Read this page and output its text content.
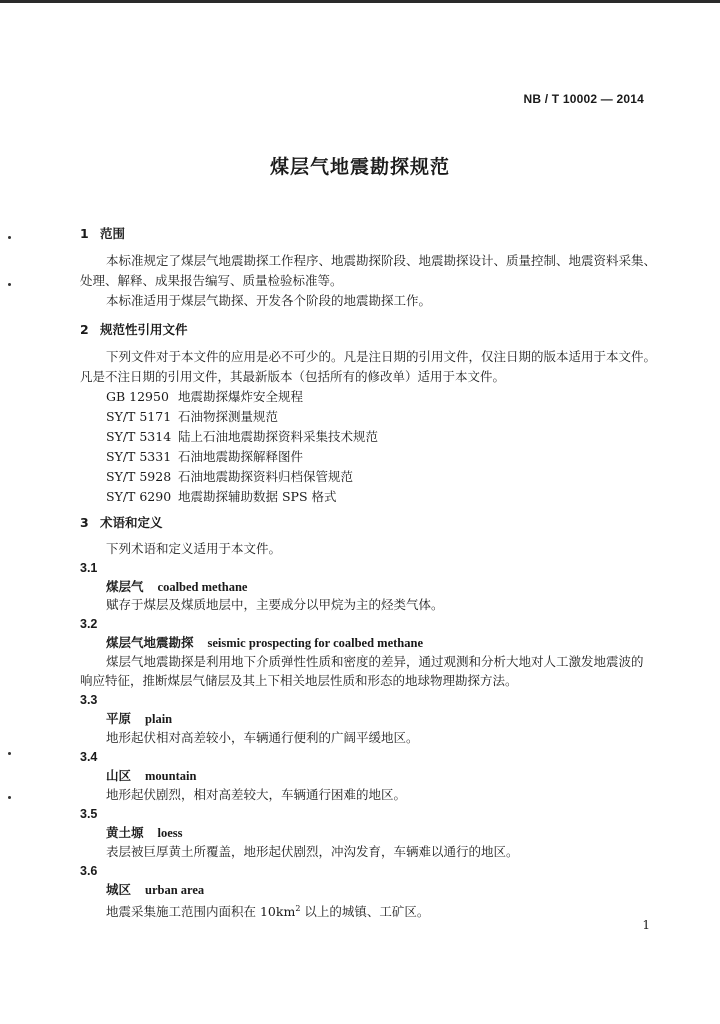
NB / T 10002 — 2014
煤层气地震勘探规范
1 范围
本标准规定了煤层气地震勘探工作程序、地震勘探阶段、地震勘探设计、质量控制、地震资料采集、
处理、解释、成果报告编写、质量检验标准等。
本标准适用于煤层气勘探、开发各个阶段的地震勘探工作。
2 规范性引用文件
下列文件对于本文件的应用是必不可少的。凡是注日期的引用文件，仅注日期的版本适用于本文件。
凡是不注日期的引用文件，其最新版本（包括所有的修改单）适用于本文件。
GB 12950 地震勘探爆炸安全规程
SY/T 5171 石油物探测量规范
SY/T 5314 陆上石油地震勘探资料采集技术规范
SY/T 5331 石油地震勘探解释图件
SY/T 5928 石油地震勘探资料归档保管规范
SY/T 6290 地震勘探辅助数据 SPS 格式
3 术语和定义
下列术语和定义适用于本文件。
3.1
煤层气 coalbed methane
赋存于煤层及煤质地层中，主要成分以甲烷为主的烃类气体。
3.2
煤层气地震勘探 seismic prospecting for coalbed methane
煤层气地震勘探是利用地下介质弹性性质和密度的差异，通过观测和分析大地对人工激发地震波的
响应特征，推断煤层气储层及其上下相关地层性质和形态的地球物理勘探方法。
3.3
平原 plain
地形起伏相对高差较小，车辆通行便利的广阔平缓地区。
3.4
山区 mountain
地形起伏剧烈，相对高差较大，车辆通行困难的地区。
3.5
黄土塬 loess
表层被巨厚黄土所覆盖，地形起伏剧烈，冲沟发育，车辆难以通行的地区。
3.6
城区 urban area
地震采集施工范围内面积在 $10km^2$ 以上的城镇、工矿区。
1
